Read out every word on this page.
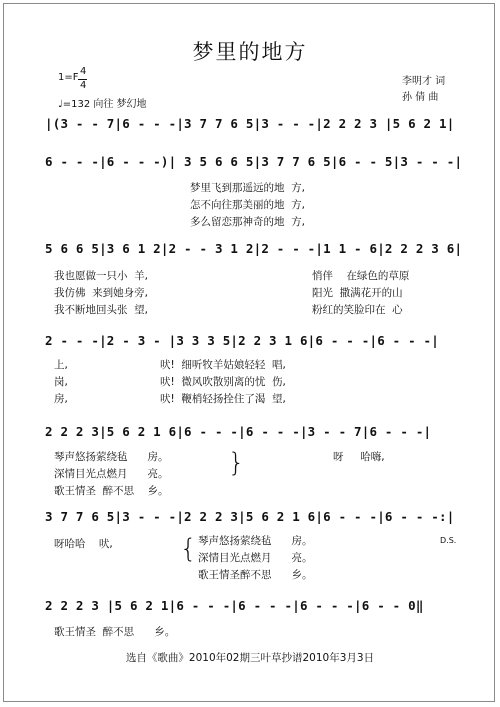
梦里的地方
1=F
4
4
♩=132 向往 梦幻地
李明才 词
孙 倩 曲
|(3 - - 7|6 - - -|3 7 7 6 5|3 - - -|2 2 2 3 |5 6 2 1|
6 - - -|6 - - -)| 3 5 6 6 5|3 7 7 6 5|6 - - 5|3 - - -|
5 6 6 5|3 6 1 2|2 - - 3 1 2|2 - - -|1 1 - 6|2 2 2 3 6|
2 - - -|2 - 3 - |3 3 3 5|2 2 3 1 6|6 - - -|6 - - -|
2 2 2 3|5 6 2 1 6|6 - - -|6 - - -|3 - - 7|6 - - -|
3 7 7 6 5|3 - - -|2 2 2 3|5 6 2 1 6|6 - - -|6 - - -:|
2 2 2 3 |5 6 2 1|6 - - -|6 - - -|6 - - -|6 - - 0‖
梦里飞到那遥远的地  方,
怎不向往那美丽的地  方,
多么留恋那神奇的地  方,
我也愿做一只小  羊,
我仿佛  来到她身旁,
我不断地回头张  望,
悄伴    在绿色的草原
阳光  撒满花开的山
粉红的笑脸印在  心
上,
岗,
房,
吠!  细听牧羊姑娘轻轻  唱,
吠!  微风吹散别离的忧  伤,
吠!  鞭梢轻扬拴住了渴  望,
琴声悠扬萦绕毡      房。
深情目光点燃月      亮。
歌王情圣  醉不思    乡。
}	呀     哈嗨,
呀哈哈    吠,	{ 琴声悠扬萦绕毡      房。
深情目光点燃月      亮。
歌王情圣醉不思      乡。
D.S.
歌王情圣  醉不思      乡。
选自《歌曲》2010年02期三叶草抄谱2010年3月3日
